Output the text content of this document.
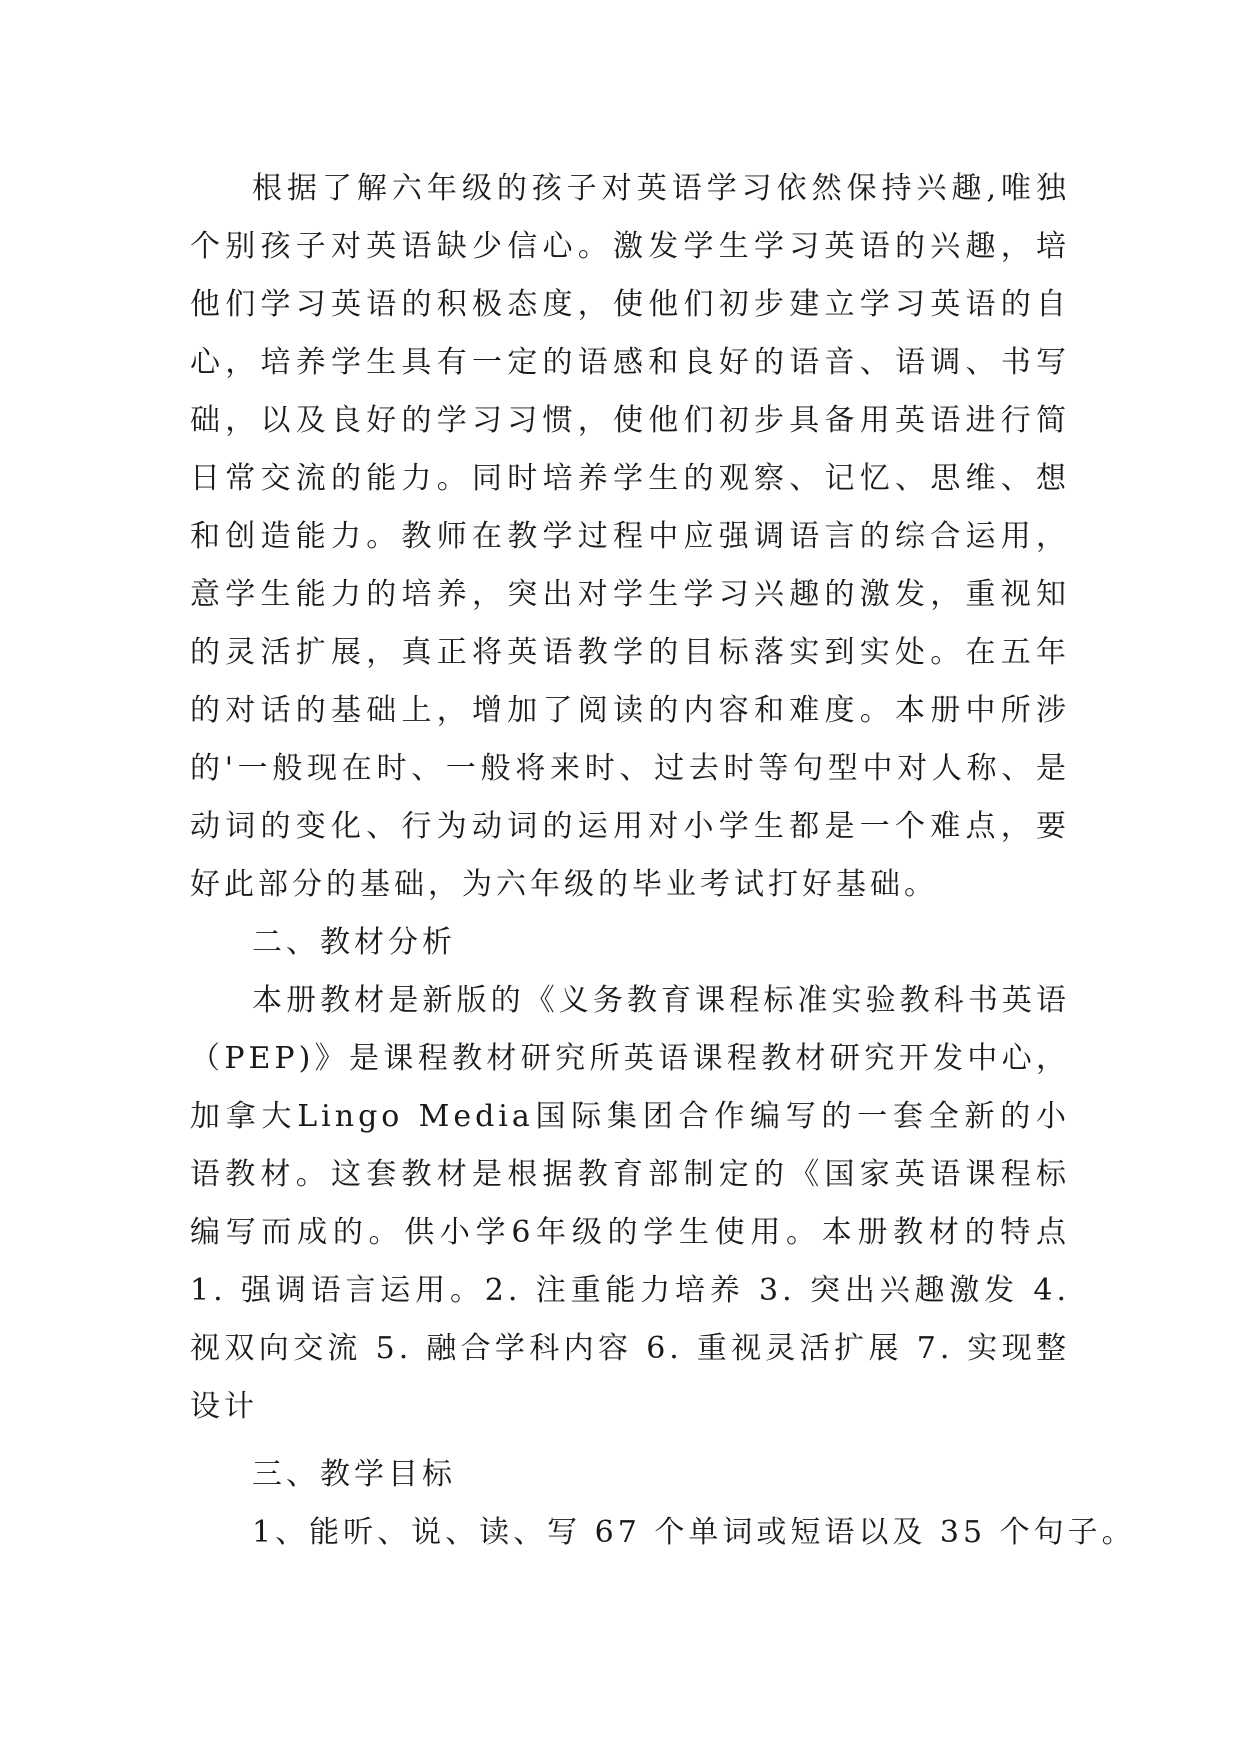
根据了解六年级的孩子对英语学习依然保持兴趣,唯独
个别孩子对英语缺少信心。激发学生学习英语的兴趣，培
他们学习英语的积极态度，使他们初步建立学习英语的自
心，培养学生具有一定的语感和良好的语音、语调、书写
础，以及良好的学习习惯，使他们初步具备用英语进行简
日常交流的能力。同时培养学生的观察、记忆、思维、想
和创造能力。教师在教学过程中应强调语言的综合运用，
意学生能力的培养，突出对学生学习兴趣的激发，重视知
的灵活扩展，真正将英语教学的目标落实到实处。在五年
的对话的基础上，增加了阅读的内容和难度。本册中所涉
的'一般现在时、一般将来时、过去时等句型中对人称、是
动词的变化、行为动词的运用对小学生都是一个难点，要
好此部分的基础，为六年级的毕业考试打好基础。
二、教材分析
本册教材是新版的《义务教育课程标准实验教科书英语
（PEP)》是课程教材研究所英语课程教材研究开发中心，
加拿大Lingo Media国际集团合作编写的一套全新的小
语教材。这套教材是根据教育部制定的《国家英语课程标
编写而成的。供小学6年级的学生使用。本册教材的特点
1. 强调语言运用。2. 注重能力培养 3. 突出兴趣激发 4.
视双向交流 5. 融合学科内容 6. 重视灵活扩展 7. 实现整
设计
三、教学目标
1、能听、说、读、写 67 个单词或短语以及 35 个句子。
